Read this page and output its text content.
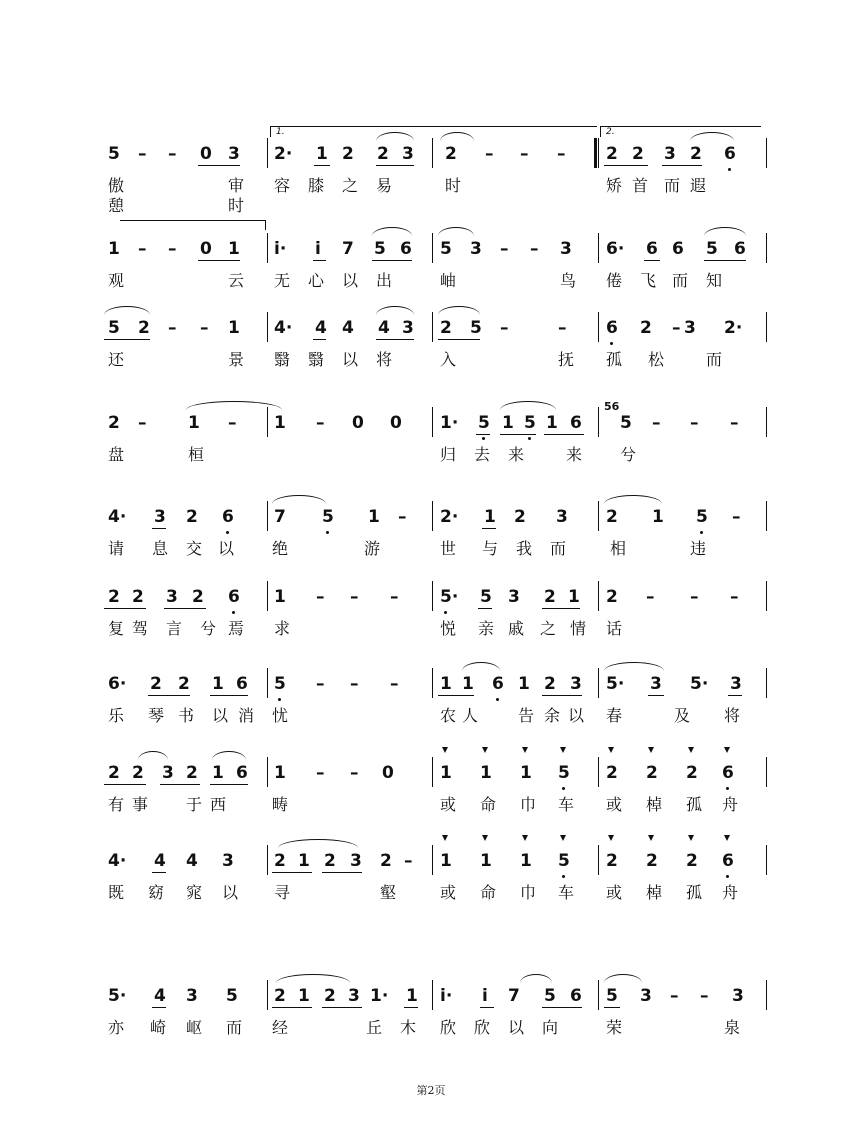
5 – – 0 3 2· 1 2 2 3 2 – – – 2 2 3 2 6
傲	审 容 膝 之 易	时	矫 首 而 遐
憩	时
1 – – 0 1 i· i 7 5 6 5 3 – – 3 6· 6 6 5 6
观	云 无 心 以 出	岫	鸟 倦 飞 而 知
5 2 – – 1 4· 4 4 4 3 2 5 –	– 6 2 –	2·
3
还	景 翳 翳 以 将	入	抚 孤 松	而
2 – 1 – 1 – 0 0 1· 5 1 5 1 6 5 – – –
盘	桓	归 去 来	来 兮
56
4· 3 2 6 7 5 1 – 2· 1 2 3 2 1 5 –
请 息 交 以 绝	游	世 与 我 而	相	违
2 2 3 2 6 1 – – – 5· 5 3 2 1 2 – – –
复 驾 言 兮 焉 求	悦 亲 戚 之 情 话
6· 2 2 1 6 5 – – – 1 1 6 1 2 3 5· 3 5· 3
乐 琴 书 以 消 忧	农 人 告 余 以 春	及 将
2 2 3 2 1 6 1 – – 0	1 1 1 5 2 2 2 6
有 事 于 西	畴	或 命 巾 车 或 棹 孤 舟
4· 4 4 3 2 1 2 3 2 – 1 1 1 5 2 2 2 6
既 窈 窕 以 寻	壑	或 命 巾 车 或 棹 孤 舟
5· 4 3 5 2 1 2 3 1· 1 i· i 7 5 6 5 3 – – 3
亦 崎 岖 而 经	丘 木 欣 欣 以 向	荣	泉
1.	2.
第2页
